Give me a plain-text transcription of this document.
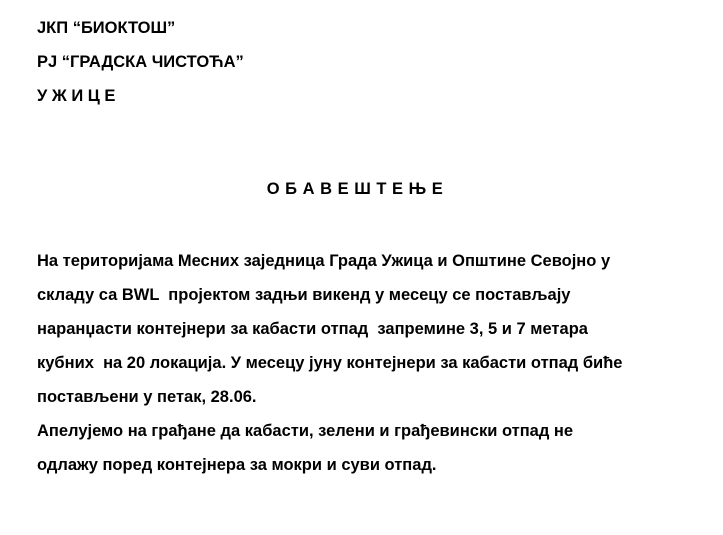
ЈКП “БИОКТОШ”
РЈ “ГРАДСКА ЧИСТОЋА”
У Ж И Ц Е
О Б А В Е Ш Т Е Њ Е
На територијама Месних заједница Града Ужица и Општине Севојно у
складу са BWL  пројектом задњи викенд у месецу се постављају
наранџасти контејнери за кабасти отпад  запремине 3, 5 и 7 метара
кубних  на 20 локација. У месецу јуну контејнери за кабасти отпад биће
постављени у петак, 28.06.
Апелујемо на грађане да кабасти, зелени и грађевински отпад не
одлажу поред контејнера за мокри и суви отпад.
